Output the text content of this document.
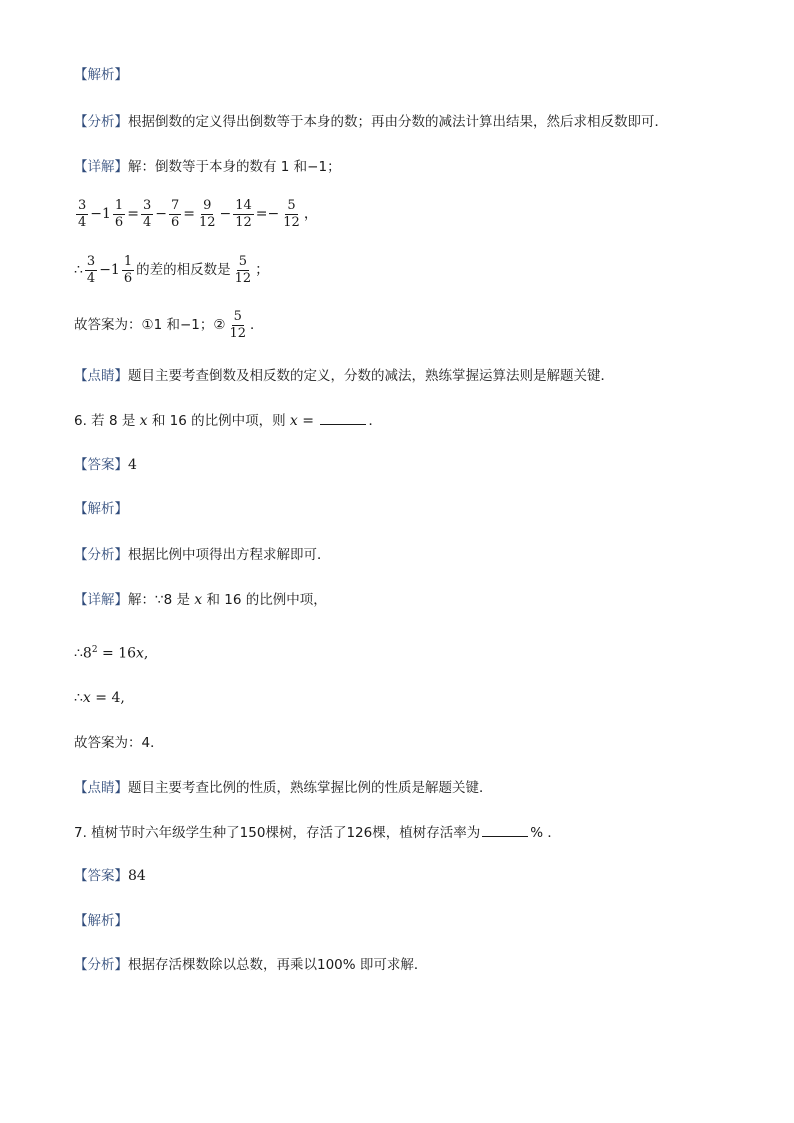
【解析】
【分析】根据倒数的定义得出倒数等于本身的数；再由分数的减法计算出结果，然后求相反数即可．
【详解】解：倒数等于本身的数有 1 和−1；
$\frac{3}{4} -1 \frac{1}{6} = \frac{3}{4} - \frac{7}{6} = \frac{9}{12} - \frac{14}{12} =- \frac{5}{12}$ ，
∴ $\frac{3}{4} -1 \frac{1}{6}$ 的差的相反数是 $\frac{5}{12}$ ；
故答案为：①1 和−1；② $\frac{5}{12}$ ．
【点睛】题目主要考查倒数及相反数的定义，分数的减法，熟练掌握运算法则是解题关键．
6. 若 8 是 x 和 16 的比例中项，则 x =	．
【答案】4
【解析】
【分析】根据比例中项得出方程求解即可．
【详解】解：∵8 是 x 和 16 的比例中项，
$\therefore 8^2 = 16x$,
∴x = 4,
故答案为：4．
【点睛】题目主要考查比例的性质，熟练掌握比例的性质是解题关键．
7. 植树节时六年级学生种了150棵树，存活了126棵，植树存活率为	% ．
【答案】84
【解析】
【分析】根据存活棵数除以总数，再乘以100% 即可求解．
